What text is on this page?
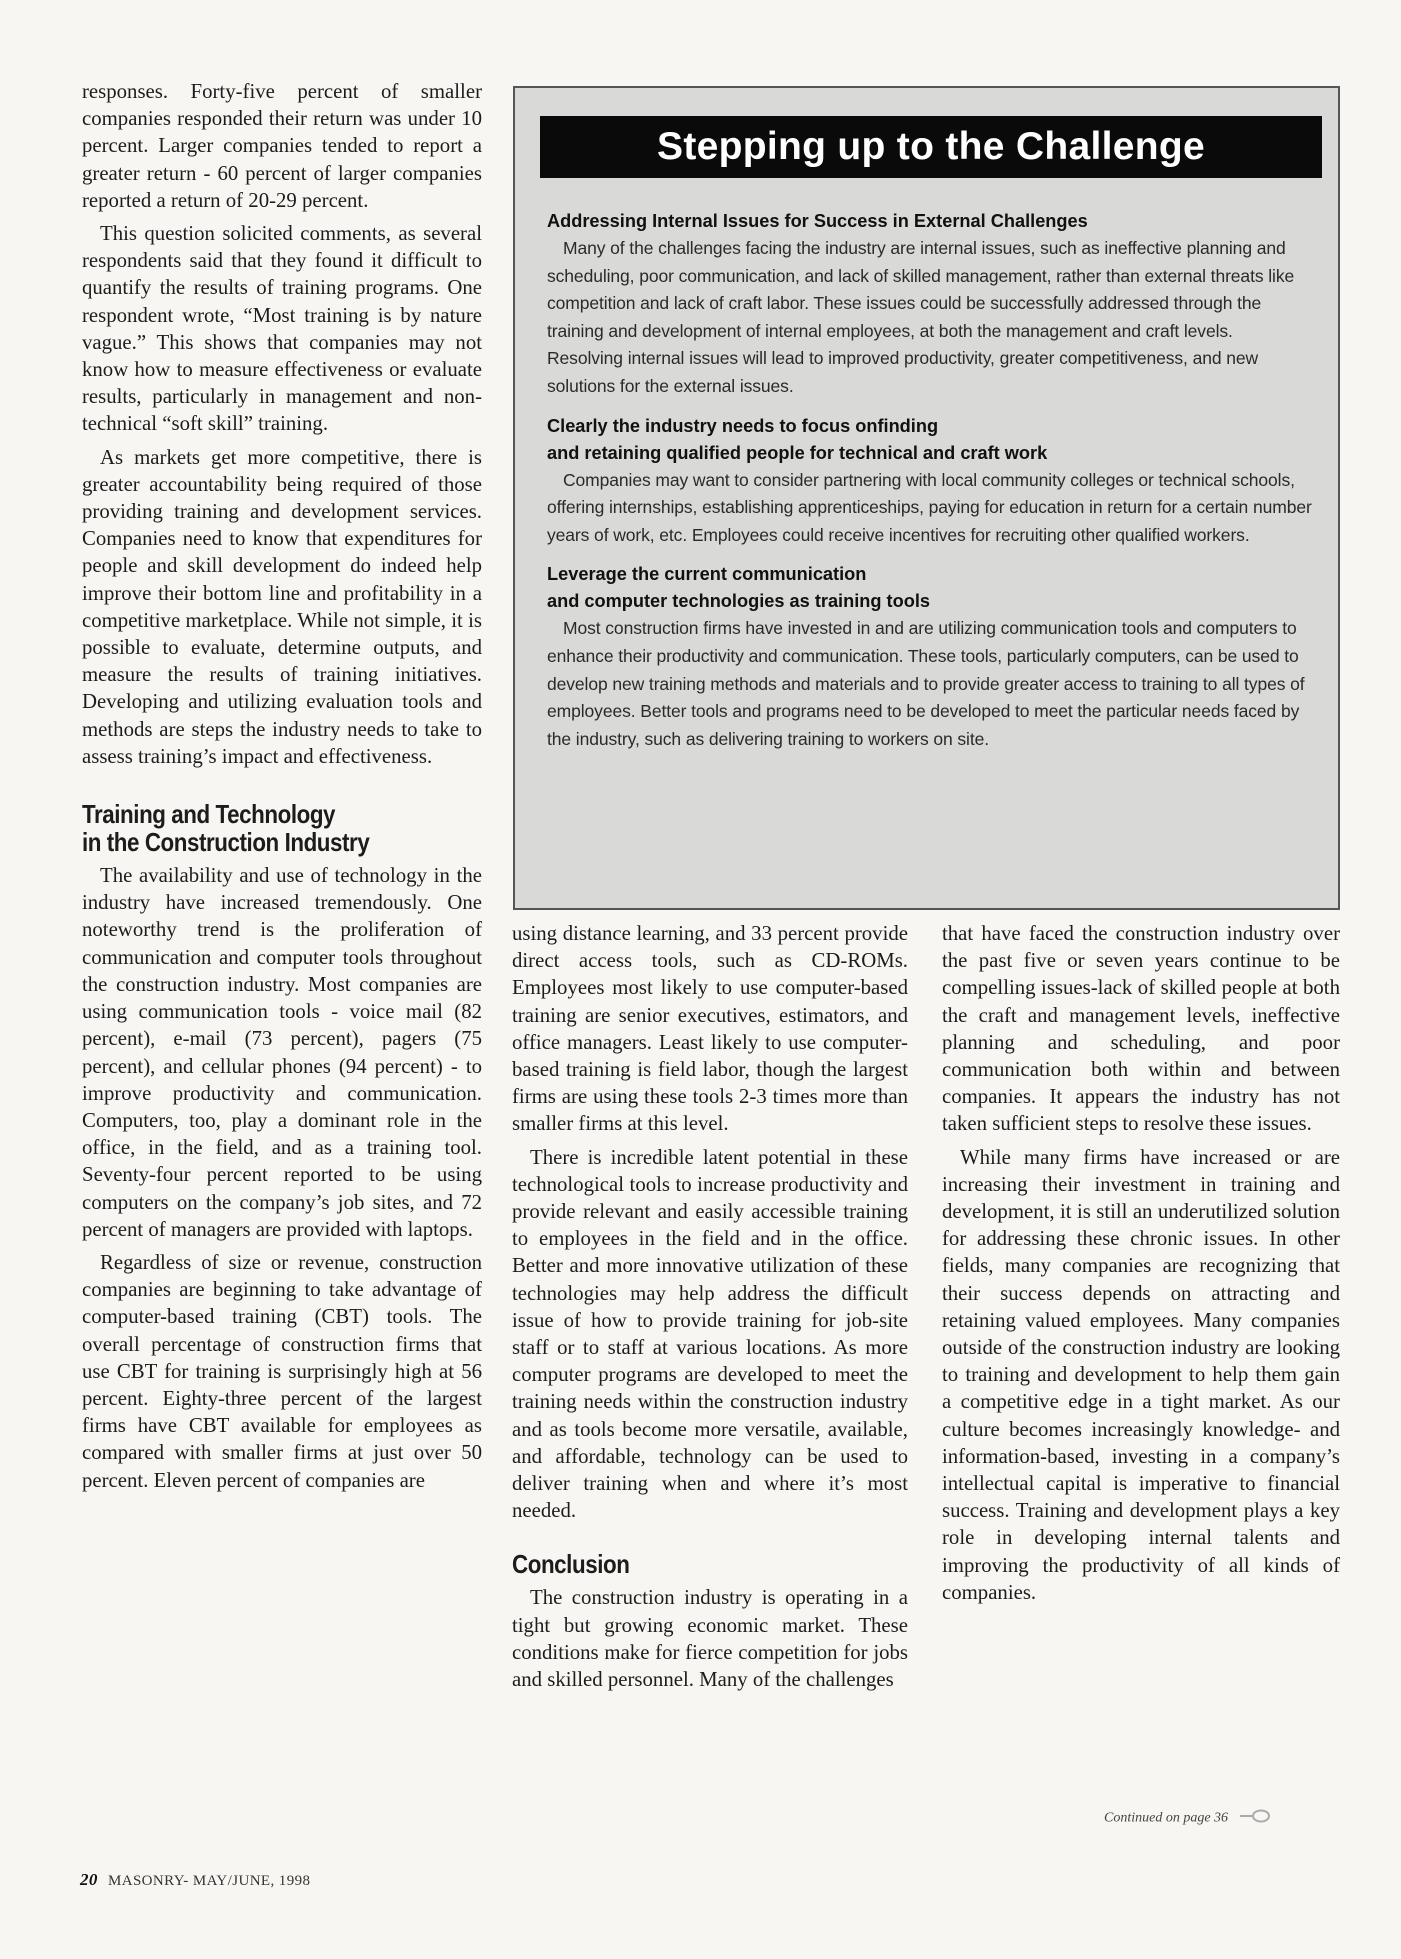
responses. Forty-five percent of smaller companies responded their return was under 10 percent. Larger companies tended to report a greater return - 60 percent of larger companies reported a return of 20-29 percent.

This question solicited comments, as several respondents said that they found it difficult to quantify the results of training programs. One respondent wrote, “Most training is by nature vague.” This shows that companies may not know how to measure effectiveness or evaluate results, particularly in management and nontechnical “soft skill” training.

As markets get more competitive, there is greater accountability being required of those providing training and development services. Companies need to know that expenditures for people and skill development do indeed help improve their bottom line and profitability in a competitive marketplace. While not simple, it is possible to evaluate, determine outputs, and measure the results of training initiatives. Developing and utilizing evaluation tools and methods are steps the industry needs to take to assess training’s impact and effectiveness.

Training and Technology
in the Construction Industry

The availability and use of technology in the industry have increased tremendously. One noteworthy trend is the proliferation of communication and computer tools throughout the construction industry. Most companies are using communication tools - voice mail (82 percent), e-mail (73 percent), pagers (75 percent), and cellular phones (94 percent) - to improve productivity and communication. Computers, too, play a dominant role in the office, in the field, and as a training tool. Seventy-four percent reported to be using computers on the company’s job sites, and 72 percent of managers are provided with laptops.

Regardless of size or revenue, construction companies are beginning to take advantage of computer-based training (CBT) tools. The overall percentage of construction firms that use CBT for training is surprisingly high at 56 percent. Eighty-three percent of the largest firms have CBT available for employees as compared with smaller firms at just over 50 percent. Eleven percent of companies are

Stepping up to the Challenge
Addressing Internal Issues for Success in External Challenges

Many of the challenges facing the industry are internal issues, such as ineffective planning and scheduling, poor communication, and lack of skilled management, rather than external threats like competition and lack of craft labor. These issues could be successfully addressed through the training and development of internal employees, at both the management and craft levels. Resolving internal issues will lead to improved productivity, greater competitiveness, and new solutions for the external issues.

Clearly the industry needs to focus onfinding
and retaining qualified people for technical and craft work

Companies may want to consider partnering with local community colleges or technical schools, offering internships, establishing apprenticeships, paying for education in return for a certain number years of work, etc. Employees could receive incentives for recruiting other qualified workers.

Leverage the current communication
and computer technologies as training tools

Most construction firms have invested in and are utilizing communication tools and computers to enhance their productivity and communication. These tools, particularly computers, can be used to develop new training methods and materials and to provide greater access to training to all types of employees. Better tools and programs need to be developed to meet the particular needs faced by the industry, such as delivering training to workers on site.

using distance learning, and 33 percent provide direct access tools, such as CD-ROMs. Employees most likely to use computer-based training are senior executives, estimators, and office managers. Least likely to use computer-based training is field labor, though the largest firms are using these tools 2-3 times more than smaller firms at this level.

There is incredible latent potential in these technological tools to increase productivity and provide relevant and easily accessible training to employees in the field and in the office. Better and more innovative utilization of these technologies may help address the difficult issue of how to provide training for job-site staff or to staff at various locations. As more computer programs are developed to meet the training needs within the construction industry and as tools become more versatile, available, and affordable, technology can be used to deliver training when and where it’s most needed.

Conclusion

The construction industry is operating in a tight but growing economic market. These conditions make for fierce competition for jobs and skilled personnel. Many of the challenges

that have faced the construction industry over the past five or seven years continue to be compelling issues-lack of skilled people at both the craft and management levels, ineffective planning and scheduling, and poor communication both within and between companies. It appears the industry has not taken sufficient steps to resolve these issues.

While many firms have increased or are increasing their investment in training and development, it is still an underutilized solution for addressing these chronic issues. In other fields, many companies are recognizing that their success depends on attracting and retaining valued employees. Many companies outside of the construction industry are looking to training and development to help them gain a competitive edge in a tight market. As our culture becomes increasingly knowledge- and information-based, investing in a company’s intellectual capital is imperative to financial success. Training and development plays a key role in developing internal talents and improving the productivity of all kinds of companies.

Continued on page 36
20 MASONRY- MAY/JUNE, 1998
